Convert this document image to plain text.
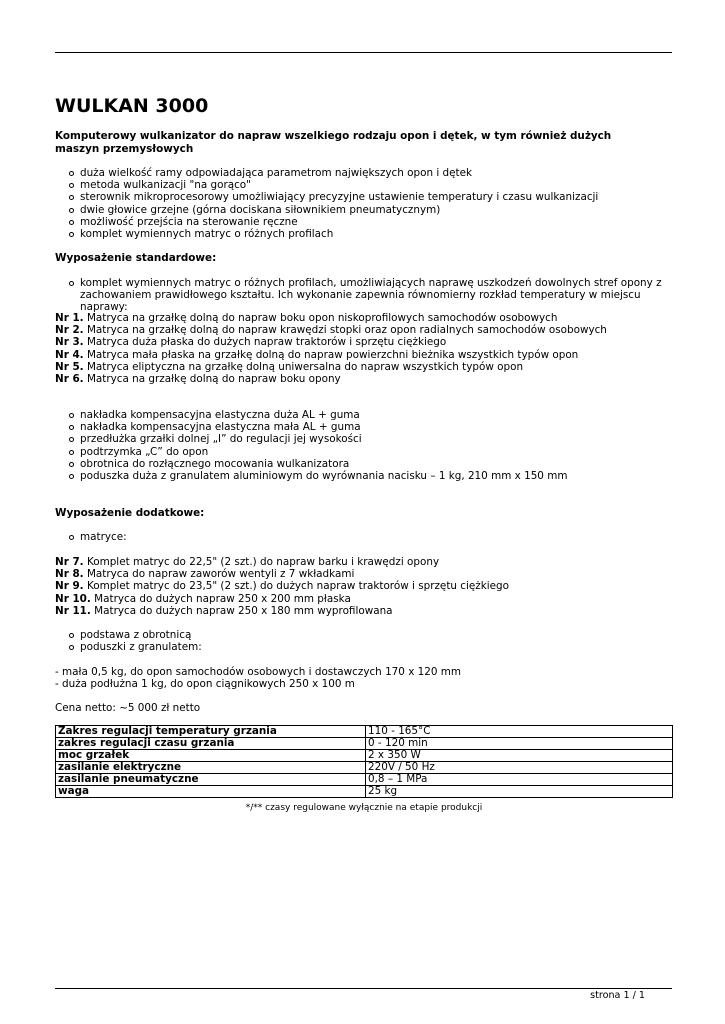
WULKAN 3000

Komputerowy wulkanizator do napraw wszelkiego rodzaju opon i dętek, w tym również dużych maszyn przemysłowych

duża wielkość ramy odpowiadająca parametrom największych opon i dętek
metoda wulkanizacji "na gorąco"
sterownik mikroprocesorowy umożliwiający precyzyjne ustawienie temperatury i czasu wulkanizacji
dwie głowice grzejne (górna dociskana siłownikiem pneumatycznym)
możliwość przejścia na sterowanie ręczne
komplet wymiennych matryc o różnych profilach
Wyposażenie standardowe:
komplet wymiennych matryc o różnych profilach, umożliwiających naprawę uszkodzeń dowolnych stref opony z zachowaniem prawidłowego kształtu. Ich wykonanie zapewnia równomierny rozkład temperatury w miejscu naprawy:

Nr 1. Matryca na grzałkę dolną do napraw boku opon niskoprofilowych samochodów osobowych

Nr 2. Matryca na grzałkę dolną do napraw krawędzi stopki oraz opon radialnych samochodów osobowych

Nr 3. Matryca duża płaska do dużych napraw traktorów i sprzętu ciężkiego

Nr 4. Matryca mała płaska na grzałkę dolną do napraw powierzchni bieżnika wszystkich typów opon

Nr 5. Matryca eliptyczna na grzałkę dolną uniwersalna do napraw wszystkich typów opon

Nr 6. Matryca na grzałkę dolną do napraw boku opony

nakładka kompensacyjna elastyczna duża AL + guma
nakładka kompensacyjna elastyczna mała AL + guma
przedłużka grzałki dolnej „I” do regulacji jej wysokości
podtrzymka „C” do opon
obrotnica do rozłącznego mocowania wulkanizatora
poduszka duża z granulatem aluminiowym do wyrównania nacisku – 1 kg, 210 mm x 150 mm
Wyposażenie dodatkowe:
matryce:

Nr 7. Komplet matryc do 22,5" (2 szt.) do napraw barku i krawędzi opony

Nr 8. Matryca do napraw zaworów wentyli z 7 wkładkami

Nr 9. Komplet matryc do 23,5" (2 szt.) do dużych napraw traktorów i sprzętu ciężkiego

Nr 10. Matryca do dużych napraw 250 x 200 mm płaska

Nr 11. Matryca do dużych napraw 250 x 180 mm wyprofilowana

podstawa z obrotnicą
poduszki z granulatem:

- mała 0,5 kg, do opon samochodów osobowych i dostawczych 170 x 120 mm

- duża podłużna 1 kg, do opon ciągnikowych 250 x 100 m

Cena netto: ~5 000 zł netto
Zakres regulacji temperatury grzania	110 - 165°C
zakres regulacji czasu grzania	0 - 120 min
moc grzałek	2 x 350 W
zasilanie elektryczne	220V / 50 Hz
zasilanie pneumatyczne	0,8 – 1 MPa
waga	25 kg
*/** czasy regulowane wyłącznie na etapie produkcji
strona 1 / 1
